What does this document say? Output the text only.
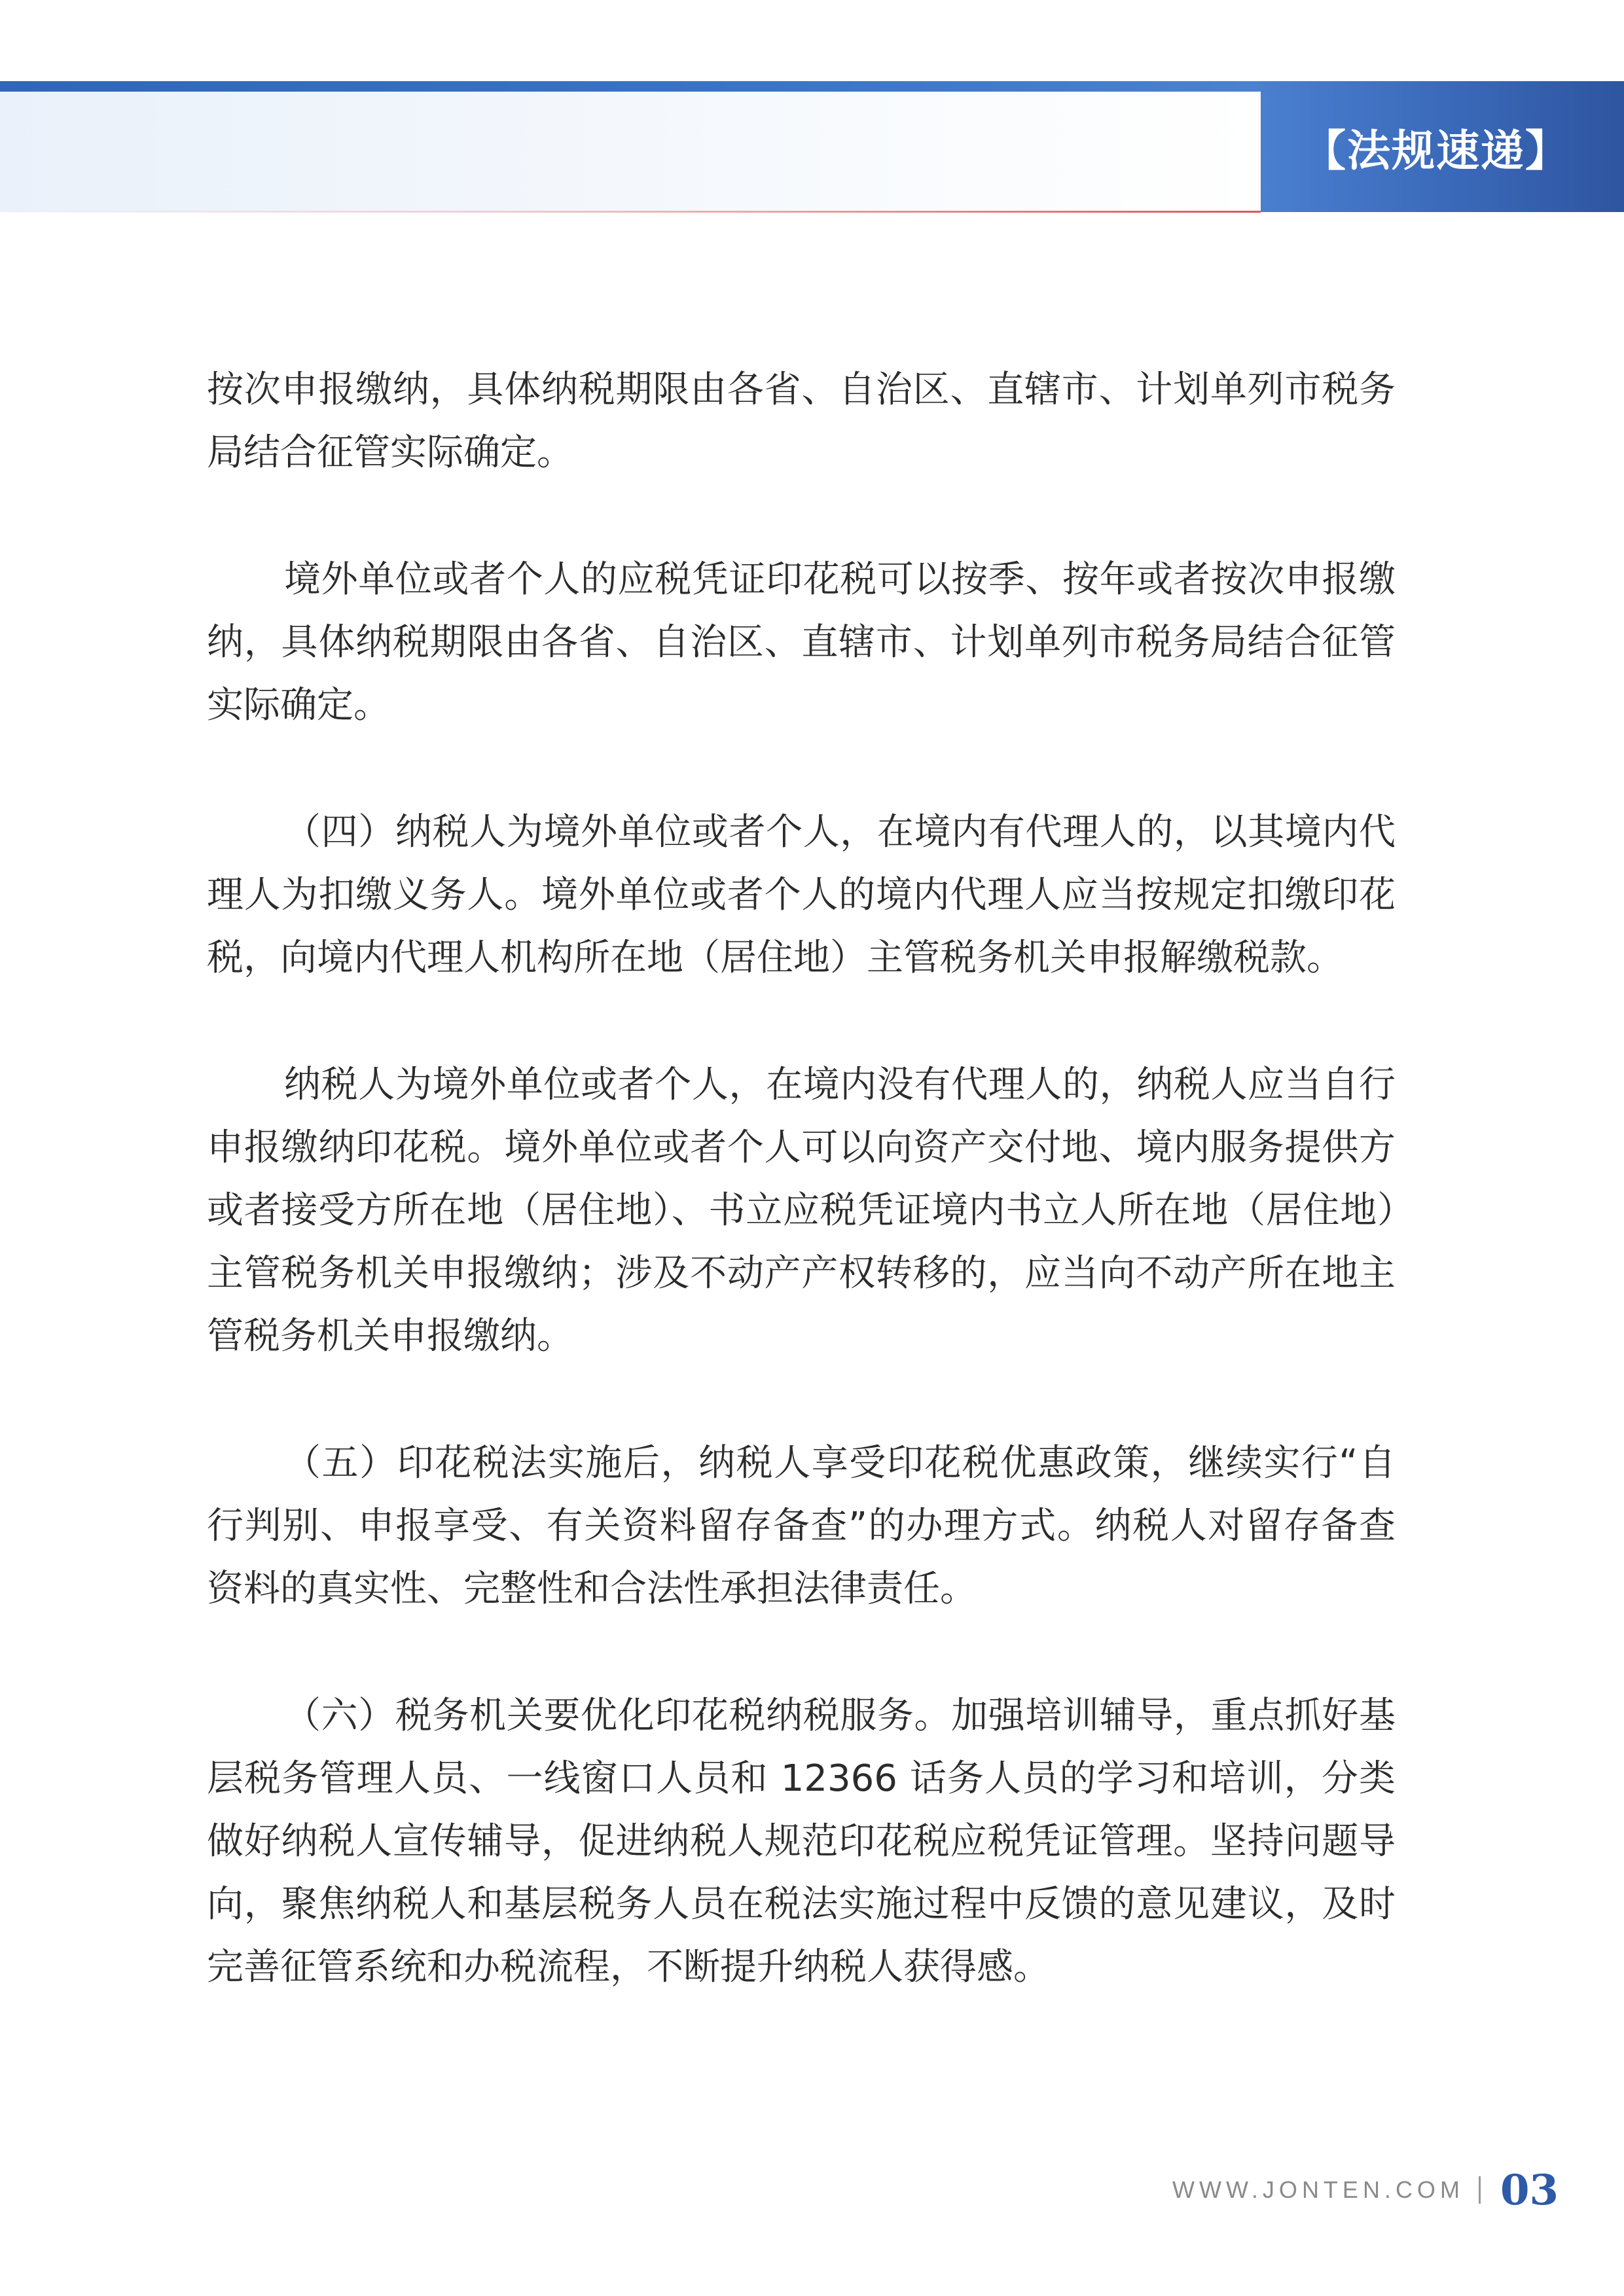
【法规速递】

按次申报缴纳，具体纳税期限由各省、自治区、直辖市、计划单列市税务局结合征管实际确定。

境外单位或者个人的应税凭证印花税可以按季、按年或者按次申报缴纳，具体纳税期限由各省、自治区、直辖市、计划单列市税务局结合征管实际确定。

（四）纳税人为境外单位或者个人，在境内有代理人的，以其境内代理人为扣缴义务人。境外单位或者个人的境内代理人应当按规定扣缴印花税，向境内代理人机构所在地（居住地）主管税务机关申报解缴税款。

纳税人为境外单位或者个人，在境内没有代理人的，纳税人应当自行申报缴纳印花税。境外单位或者个人可以向资产交付地、境内服务提供方或者接受方所在地（居住地）、书立应税凭证境内书立人所在地（居住地）主管税务机关申报缴纳；涉及不动产产权转移的，应当向不动产所在地主管税务机关申报缴纳。

（五）印花税法实施后，纳税人享受印花税优惠政策，继续实行“自行判别、申报享受、有关资料留存备查”的办理方式。纳税人对留存备查资料的真实性、完整性和合法性承担法律责任。

（六）税务机关要优化印花税纳税服务。加强培训辅导，重点抓好基层税务管理人员、一线窗口人员和 12366 话务人员的学习和培训，分类做好纳税人宣传辅导，促进纳税人规范印花税应税凭证管理。坚持问题导向，聚焦纳税人和基层税务人员在税法实施过程中反馈的意见建议，及时完善征管系统和办税流程，不断提升纳税人获得感。

WWW.JONTEN.COM 03
